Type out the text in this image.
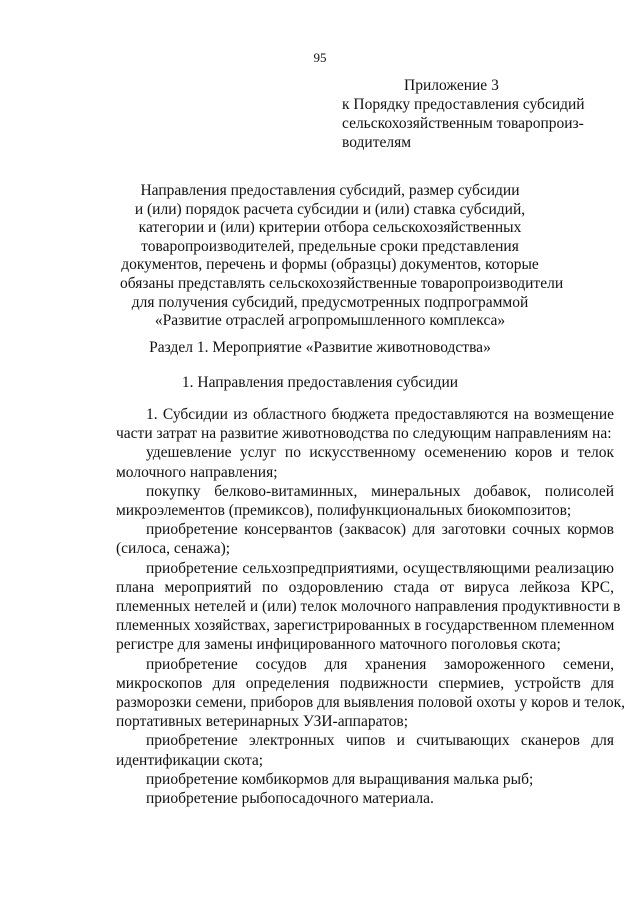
95
Приложение 3
к Порядку предоставления субсидий
сельскохозяйственным товаропроиз-
водителям
Направления предоставления субсидий, размер субсидии
и (или) порядок расчета субсидии и (или) ставка субсидий,
категории и (или) критерии отбора сельскохозяйственных
товаропроизводителей, предельные сроки представления
документов, перечень и формы (образцы) документов, которые
обязаны представлять сельскохозяйственные товаропроизводители
для получения субсидий, предусмотренных подпрограммой
«Развитие отраслей агропромышленного комплекса»
Раздел 1. Мероприятие «Развитие животноводства»
1. Направления предоставления субсидии
1. Субсидии из областного бюджета предоставляются на возмещение
части затрат на развитие животноводства по следующим направлениям на:
удешевление услуг по искусственному осеменению коров и телок
молочного направления;
покупку белково-витаминных, минеральных добавок, полисолей
микроэлементов (премиксов), полифункциональных биокомпозитов;
приобретение консервантов (заквасок) для заготовки сочных кормов
(силоса, сенажа);
приобретение сельхозпредприятиями, осуществляющими реализацию
плана мероприятий по оздоровлению стада от вируса лейкоза КРС,
племенных нетелей и (или) телок молочного направления продуктивности в
племенных хозяйствах, зарегистрированных в государственном племенном
регистре для замены инфицированного маточного поголовья скота;
приобретение сосудов для хранения замороженного семени,
микроскопов для определения подвижности спермиев, устройств для
разморозки семени, приборов для выявления половой охоты у коров и телок,
портативных ветеринарных УЗИ-аппаратов;
приобретение электронных чипов и считывающих сканеров для
идентификации скота;
приобретение комбикормов для выращивания малька рыб;
приобретение рыбопосадочного материала.
